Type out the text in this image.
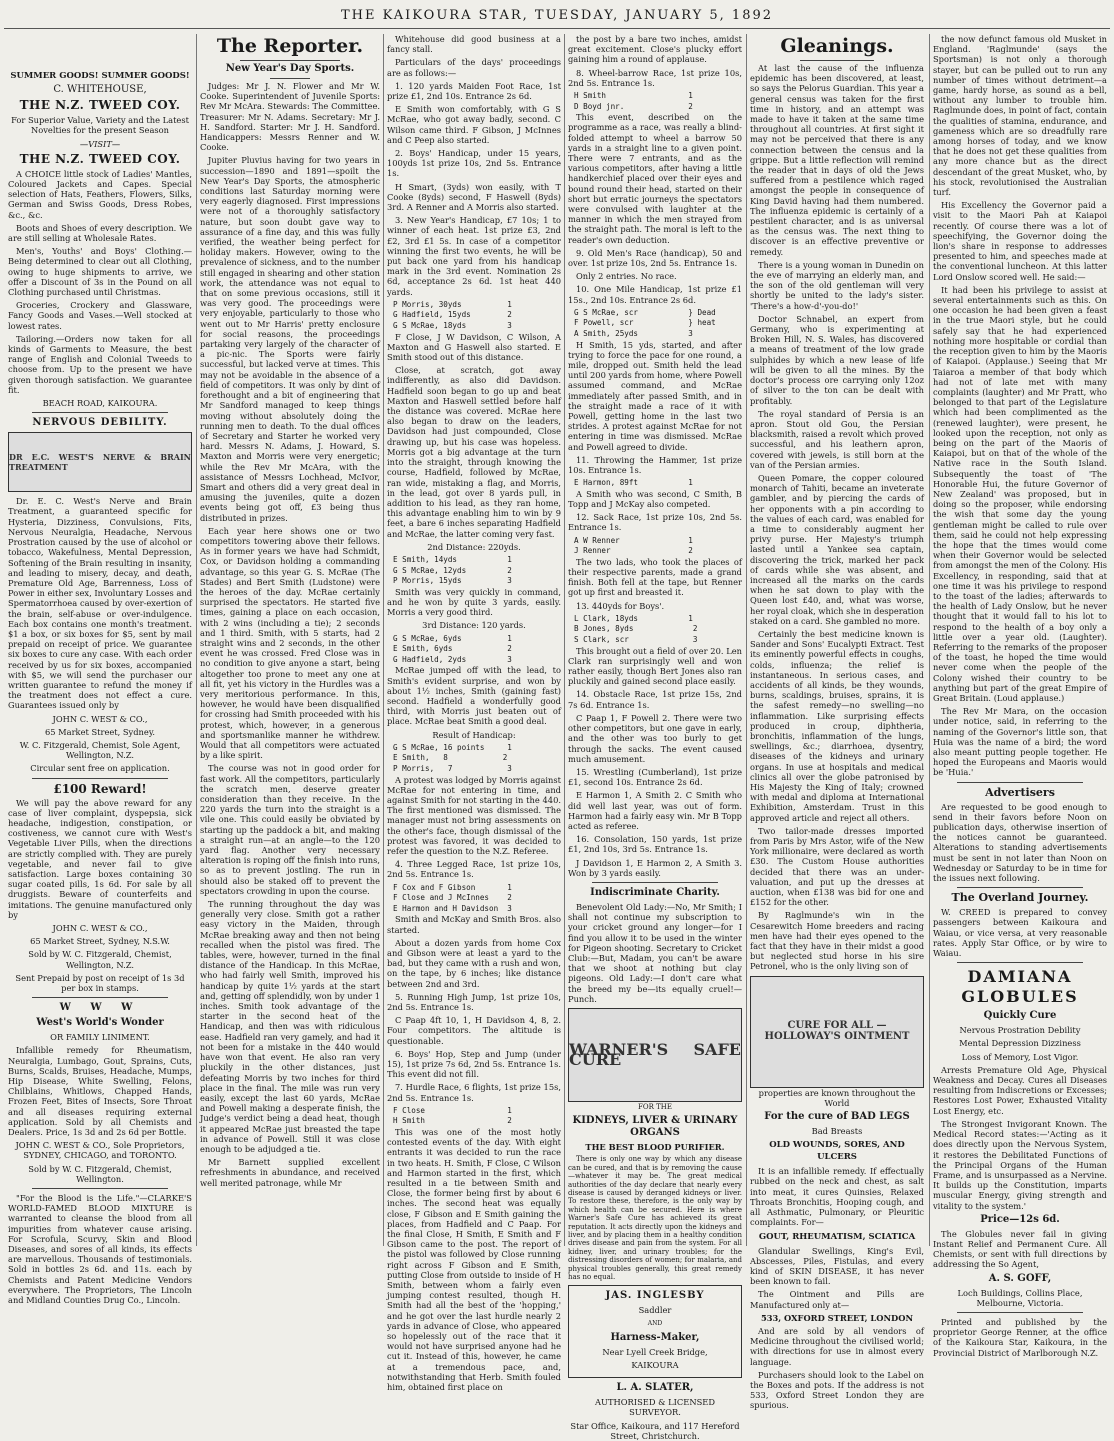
THE KAIKOURA STAR, TUESDAY, JANUARY 5, 1892

SUMMER GOODS! SUMMER GOODS!

C. WHITEHOUSE,

THE N.Z. TWEED COY.

For Superior Value, Variety and the Latest Novelties for the present Season

—VISIT—

THE N.Z. TWEED COY.

A CHOICE little stock of Ladies' Mantles, Coloured Jackets and Capes. Special selection of Hats, Feathers, Flowers, Silks, German and Swiss Goods, Dress Robes, &c., &c.

Boots and Shoes of every description. We are still selling at Wholesale Rates.

Men's, Youths' and Boys' Clothing.—Being determined to clear out all Clothing, owing to huge shipments to arrive, we offer a Discount of 3s in the Pound on all Clothing purchased until Christmas.

Groceries, Crockery and Glassware, Fancy Goods and Vases.—Well stocked at lowest rates.

Tailoring.—Orders now taken for all kinds of Garments to Measure, the best range of English and Colonial Tweeds to choose from. Up to the present we have given thorough satisfaction. We guarantee fit.

BEACH ROAD, KAIKOURA.

NERVOUS DEBILITY.

DR E.C. WEST'S NERVE & BRAIN TREATMENT

Dr. E. C. West's Nerve and Brain Treatment, a guaranteed specific for Hysteria, Dizziness, Convulsions, Fits, Nervous Neuralgia, Headache, Nervous Prostration caused by the use of alcohol or tobacco, Wakefulness, Mental Depression, Softening of the Brain resulting in insanity, and leading to misery, decay, and death, Premature Old Age, Barrenness, Loss of Power in either sex, Involuntary Losses and Spermatorrhoea caused by over-exertion of the brain, self-abuse or over-indulgence. Each box contains one month's treatment. $1 a box, or six boxes for $5, sent by mail prepaid on receipt of price. We guarantee six boxes to cure any case. With each order received by us for six boxes, accompanied with $5, we will send the purchaser our written guarantee to refund the money if the treatment does not effect a cure. Guarantees issued only by

JOHN C. WEST & CO.,

65 Market Street, Sydney.

W. C. Fitzgerald, Chemist, Sole Agent, Wellington, N.Z.

Circular sent free on application.

£100 Reward!

We will pay the above reward for any case of liver complaint, dyspepsia, sick headache, indigestion, constipation, or costiveness, we cannot cure with West's Vegetable Liver Pills, when the directions are strictly complied with. They are purely vegetable, and never fail to give satisfaction. Large boxes containing 30 sugar coated pills, 1s 6d. For sale by all druggists. Beware of counterfeits and imitations. The genuine manufactured only by

JOHN C. WEST & CO.,

65 Market Street, Sydney, N.S.W.

Sold by W. C. Fitzgerald, Chemist, Wellington, N.Z.

Sent Prepaid by post on receipt of 1s 3d per box in stamps.

W W W

West's World's Wonder

OR FAMILY LINIMENT.

Infallible remedy for Rheumatism, Neuralgia, Lumbago, Gout, Sprains, Cuts, Burns, Scalds, Bruises, Headache, Mumps, Hip Disease, White Swelling, Felons, Chilblains, Whitlows, Chapped Hands, Frozen Feet, Bites of Insects, Sore Throat and all diseases requiring external application. Sold by all Chemists and Dealers. Price, 1s 3d and 2s 6d per Bottle.

JOHN C. WEST & CO., Sole Proprietors, SYDNEY, CHICAGO, and TORONTO.

Sold by W. C. Fitzgerald, Chemist, Wellington.

"For the Blood is the Life."—CLARKE'S WORLD-FAMED BLOOD MIXTURE is warranted to cleanse the blood from all impurities from whatever cause arising. For Scrofula, Scurvy, Skin and Blood Diseases, and sores of all kinds, its effects are marvellous. Thousands of testimonials. Sold in bottles 2s 6d. and 11s. each by Chemists and Patent Medicine Vendors everywhere. The Proprietors, The Lincoln and Midland Counties Drug Co., Lincoln.

The Reporter.

New Year's Day Sports.

Judges: Mr J. N. Flower and Mr W. Cooke. Superintendent of Juvenile Sports: Rev Mr McAra. Stewards: The Committee. Treasurer: Mr N. Adams. Secretary: Mr J. H. Sandford. Starter: Mr J. H. Sandford. Handicappers: Messrs Renner and W. Cooke.

Jupiter Pluvius having for two years in succession—1890 and 1891—spoilt the New Year's Day Sports, the atmospheric conditions last Saturday morning were very eagerly diagnosed. First impressions were not of a thoroughly satisfactory nature, but soon doubt gave way to assurance of a fine day, and this was fully verified, the weather being perfect for holiday makers. However, owing to the prevalence of sickness, and to the number still engaged in shearing and other station work, the attendance was not equal to that on some previous occasions, still it was very good. The proceedings were very enjoyable, particularly to those who went out to Mr Harris' pretty enclosure for social reasons, the proceedings partaking very largely of the character of a pic-nic. The Sports were fairly successful, but lacked verve at times. This may not be avoidable in the absence of a field of competitors. It was only by dint of forethought and a bit of engineering that Mr Sandford managed to keep things moving without absolutely doing the running men to death. To the dual offices of Secretary and Starter he worked very hard. Messrs N. Adams, J. Howard, S. Maxton and Morris were very energetic; while the Rev Mr McAra, with the assistance of Messrs Lochhead, McIvor, Smart and others did a very great deal in amusing the juveniles, quite a dozen events being got off, £3 being thus distributed in prizes.

Each year here shows one or two competitors towering above their fellows. As in former years we have had Schmidt, Cox, or Davidson holding a commanding advantage, so this year G. S. McRae (The Stades) and Bert Smith (Ludstone) were the heroes of the day. McRae certainly surprised the spectators. He started five times, gaining a place on each occasion, with 2 wins (including a tie); 2 seconds and 1 third. Smith, with 5 starts, had 2 straight wins and 2 seconds, in the other event he was crossed. Fred Close was in no condition to give anyone a start, being altogether too prone to meet any one at all fit, yet his victory in the Hurdles was a very meritorious performance. In this, however, he would have been disqualified for crossing had Smith proceeded with his protest, which, however, in a generous and sportsmanlike manner he withdrew. Would that all competitors were actuated by a like spirit.

The course was not in good order for fast work. All the competitors, particularly the scratch men, deserve greater consideration than they receive. In the 220 yards the turn into the straight is a vile one. This could easily be obviated by starting up the paddock a bit, and making a straight run—at an angle—to the 120 yard flag. Another very necessary alteration is roping off the finish into runs, so as to prevent jostling. The run in should also be staked off to prevent the spectators crowding in upon the course.

The running throughout the day was generally very close. Smith got a rather easy victory in the Maiden, through McRae breaking away and then not being recalled when the pistol was fired. The tables, were, however, turned in the final distance of the Handicap. In this McRae, who had fairly well Smith, improved his handicap by quite 1½ yards at the start and, getting off splendidly, won by under 1 inches. Smith took advantage of the starter in the second heat of the Handicap, and then was with ridiculous ease. Hadfield ran very gamely, and had it not been for a mistake in the 440 would have won that event. He also ran very pluckily in the other distances, just defeating Morris by two inches for third place in the final. The mile was run very easily, except the last 60 yards, McRae and Powell making a desperate finish, the Judge's verdict being a dead heat, though it appeared McRae just breasted the tape in advance of Powell. Still it was close enough to be adjudged a tie.

Mr Barnett supplied excellent refreshments in abundance, and received well merited patronage, while Mr

Whitehouse did good business at a fancy stall.

Particulars of the days' proceedings are as follows:—

1. 120 yards Maiden Foot Race, 1st prize £1, 2nd 10s. Entrance 2s 6d.

E Smith won comfortably, with G S McRae, who got away badly, second. C Wilson came third. F Gibson, J McInnes and C Peep also started.

2. Boys' Handicap, under 15 years, 100yds 1st prize 10s, 2nd 5s. Entrance 1s.

H Smart, (3yds) won easily, with T Cooke (8yds) second, F Haswell (8yds) 3rd. A Renner and A Morris also started.

3. New Year's Handicap, £7 10s; 1 to winner of each heat. 1st prize £3, 2nd £2, 3rd £1 5s. In case of a competitor winning the first two events, he will be put back one yard from his handicap mark in the 3rd event. Nomination 2s 6d, acceptance 2s 6d. 1st heat 440 yards.

P Morris, 30yds          1

G Hadfield, 15yds        2

G S McRae, 18yds         3

F Close, J W Davidson, C Wilson, A Maxton and G Haswell also started. E Smith stood out of this distance.

Close, at scratch, got away indifferently, as also did Davidson. Hadfield soon began to go up and beat Maxton and Haswell settled before half the distance was covered. McRae here also began to draw on the leaders, Davidson had just compounded, Close drawing up, but his case was hopeless. Morris got a big advantage at the turn into the straight, through knowing the course, Hadfield, followed by McRae, ran wide, mistaking a flag, and Morris, in the lead, got over 8 yards pull, in addition to his lead, as they ran home, this advantage enabling him to win by 9 feet, a bare 6 inches separating Hadfield and McRae, the latter coming very fast.

2nd Distance: 220yds.

E Smith, 14yds           1

G S McRae, 12yds         2

P Morris, 15yds          3

Smith was very quickly in command, and he won by quite 3 yards, easily. Morris a very good third.

3rd Distance: 120 yards.

G S McRae, 6yds          1

E Smith, 6yds            2

G Hadfield, 2yds         3

McRae jumped off with the lead, to Smith's evident surprise, and won by about 1½ inches, Smith (gaining fast) second. Hadfield a wonderfully good third, with Morris just beaten out of place. McRae beat Smith a good deal.

Result of Handicap:

G S McRae, 16 points     1

E Smith,   8            2

P Morris,   7            3

A protest was lodged by Morris against McRae for not entering in time, and against Smith for not starting in the 440. The first mentioned was dismissed. The manager must not bring assessments on the other's face, though dismissal of the protest was favored, it was decided to refer the question to the N.Z. Referee.

4. Three Legged Race, 1st prize 10s, 2nd 5s. Entrance 1s.

F Cox and F Gibson       1

F Close and J McInnes    2

E Harmon and H Davidson  3

Smith and McKay and Smith Bros. also started.

About a dozen yards from home Cox and Gibson were at least a yard to the bad, but they came with a rush and won, on the tape, by 6 inches; like distance between 2nd and 3rd.

5. Running High Jump, 1st prize 10s, 2nd 5s. Entrance 1s.

C Paap 4ft 10, 1, H Davidson 4, 8, 2. Four competitors. The altitude is questionable.

6. Boys' Hop, Step and Jump (under 15), 1st prize 7s 6d, 2nd 5s. Entrance 1s. This event did not fill.

7. Hurdle Race, 6 flights, 1st prize 15s, 2nd 5s. Entrance 1s.

F Close                  1

H Smith                  2

This was one of the most hotly contested events of the day. With eight entrants it was decided to run the race in two heats. H. Smith, F Close, C Wilson and Harmon started in the first, which resulted in a tie between Smith and Close, the former being first by about 6 inches. The second heat was equally close, F Gibson and E Smith gaining the places, from Hadfield and C Paap. For the final Close, H Smith, E Smith and F Gibson came to the post. The report of the pistol was followed by Close running right across F Gibson and E Smith, putting Close from outside to inside of H Smith, between whom a fairly even jumping contest resulted, though H. Smith had all the best of the 'hopping,' and he got over the last hurdle nearly 2 yards in advance of Close, who appeared so hopelessly out of the race that it would not have surprised anyone had he cut it. Instead of this, however, he came at a tremendous pace, and, notwithstanding that Herb. Smith fouled him, obtained first place on

the post by a bare two inches, amidst great excitement. Close's plucky effort gaining him a round of applause.

8. Wheel-barrow Race, 1st prize 10s, 2nd 5s. Entrance 1s.

H Smith                  1

D Boyd jnr.              2

This event, described on the programme as a race, was really a blind-folded attempt to wheel a barrow 50 yards in a straight line to a given point. There were 7 entrants, and as the various competitors, after having a little handkerchief placed over their eyes and bound round their head, started on their short but erratic journeys the spectators were convulsed with laughter at the manner in which the men strayed from the straight path. The moral is left to the reader's own deduction.

9. Old Men's Race (handicap), 50 and over. 1st prize 10s, 2nd 5s. Entrance 1s.

Only 2 entries. No race.

10. One Mile Handicap, 1st prize £1 15s., 2nd 10s. Entrance 2s 6d.

G S McRae, scr           } Dead

F Powell, scr            } heat

A Smith, 25yds           3

H Smith, 15 yds, started, and after trying to force the pace for one round, a mile, dropped out. Smith held the lead until 200 yards from home, where Powell assumed command, and McRae immediately after passed Smith, and in the straight made a race of it with Powell, getting home in the last two strides. A protest against McRae for not entering in time was dismissed. McRae and Powell agreed to divide.

11. Throwing the Hammer, 1st prize 10s. Entrance 1s.

E Harmon, 89ft           1

A Smith who was second, C Smith, B Topp and J McKay also competed.

12. Sack Race, 1st prize 10s, 2nd 5s. Entrance 1s.

A W Renner               1

J Renner                 2

The two lads, who took the places of their respective parents, made a grand finish. Both fell at the tape, but Renner got up first and breasted it.

13. 440yds for Boys'.

L Clark, 18yds           1

B Jones, 8yds             2

S Clark, scr              3

This brought out a field of over 20. Len Clark ran surprisingly well and won rather easily, though Bert Jones also ran pluckily and gained second place easily.

14. Obstacle Race, 1st prize 15s, 2nd 7s 6d. Entrance 1s.

C Paap 1, F Powell 2. There were two other competitors, but one gave in early, and the other was too burly to get through the sacks. The event caused much amusement.

15. Wrestling (Cumberland), 1st prize £1, second 10s. Entrance 2s 6d.

E Harmon 1, A Smith 2. C Smith who did well last year, was out of form. Harmon had a fairly easy win. Mr B Topp acted as referee.

16. Consolation, 150 yards, 1st prize £1, 2nd 10s, 3rd 5s. Entrance 1s.

J Davidson 1, E Harmon 2, A Smith 3. Won by 3 yards easily.

Indiscriminate Charity.

Benevolent Old Lady:—No, Mr Smith; I shall not continue my subscription to your cricket ground any longer—for I find you allow it to be used in the winter for Pigeon shooting. Secretary to Cricket Club:—But, Madam, you can't be aware that we shoot at nothing but clay pigeons. Old Lady:—I don't care what the breed my be—its equally cruel!—Punch.

WARNER'S SAFE CURE

FOR THE

KIDNEYS, LIVER & URINARY ORGANS

THE BEST BLOOD PURIFIER.

There is only one way by which any disease can be cured, and that is by removing the cause—whatever it may be. The great medical authorities of the day declare that nearly every disease is caused by deranged kidneys or liver. To restore these, therefore, is the only way by which health can be secured. Here is where Warner's Safe Cure has achieved its great reputation. It acts directly upon the kidneys and liver, and by placing them in a healthy condition drives disease and pain from the system. For all kidney, liver, and urinary troubles; for the distressing disorders of women; for malaria, and physical troubles generally, this great remedy has no equal.

JAS. INGLESBY

Saddler

AND

Harness-Maker,

Near Lyell Creek Bridge,

KAIKOURA

L. A. SLATER,

AUTHORISED & LICENSED SURVEYOR.

Star Office, Kaikoura, and 117 Hereford Street, Christchurch.

Gleanings.

At last the cause of the influenza epidemic has been discovered, at least, so says the Pelorus Guardian. This year a general census was taken for the first time in history, and an attempt was made to have it taken at the same time throughout all countries. At first sight it may not be perceived that there is any connection between the census and la grippe. But a little reflection will remind the reader that in days of old the Jews suffered from a pestilence which raged amongst the people in consequence of King David having had them numbered. The influenza epidemic is certainly of a pestilent character, and is as universal as the census was. The next thing to discover is an effective preventive or remedy.

There is a young woman in Dunedin on the eve of marrying an elderly man, and the son of the old gentleman will very shortly be united to the lady's sister. 'There's a how-d'-you-do!'

Doctor Schnabel, an expert from Germany, who is experimenting at Broken Hill, N. S. Wales, has discovered a means of treatment of the low grade sulphides by which a new lease of life will be given to all the mines. By the doctor's process ore carrying only 12oz of silver to the ton can be dealt with profitably.

The royal standard of Persia is an apron. Stout old Gou, the Persian blacksmith, raised a revolt which proved successful, and his leathern apron, covered with jewels, is still born at the van of the Persian armies.

Queen Pomare, the copper coloured monarch of Tahiti, became an inveterate gambler, and by piercing the cards of her opponents with a pin according to the values of each card, was enabled for a time to considerably augment her privy purse. Her Majesty's triumph lasted until a Yankee sea captain, discovering the trick, marked her pack of cards while she was absent, and increased all the marks on the cards when he sat down to play with the Queen lost £40, and, what was worse, her royal cloak, which she in desperation staked on a card. She gambled no more.

Certainly the best medicine known is Sander and Sons' Eucalypti Extract. Test its eminently powerful effects in coughs, colds, influenza; the relief is instantaneous. In serious cases, and accidents of all kinds, be they wounds, burns, scaldings, bruises, sprains, it is the safest remedy—no swelling—no inflammation. Like surprising effects produced in croup, diphtheria, bronchitis, inflammation of the lungs, swellings, &c.; diarrhoea, dysentry, diseases of the kidneys and urinary organs. In use at hospitals and medical clinics all over the globe patronised by His Majesty the King of Italy; crowned with medal and diploma at International Exhibition, Amsterdam. Trust in this approved article and reject all others.

Two tailor-made dresses imported from Paris by Mrs Astor, wife of the New York millionaire, were declared as worth £30. The Custom House authorities decided that there was an under-valuation, and put up the dresses at auction, when £138 was bid for one and £152 for the other.

By Raglmunde's win in the Cesarewitch Home breeders and racing men have had their eyes opened to the fact that they have in their midst a good but neglected stud horse in his sire Petronel, who is the only living son of

CURE FOR ALL — HOLLOWAY'S OINTMENT

properties are known throughout the World

For the cure of BAD LEGS

Bad Breasts

OLD WOUNDS, SORES, AND ULCERS

It is an infallible remedy. If effectually rubbed on the neck and chest, as salt into meat, it cures Quinsies, Relaxed Throats Bronchitis, Hooping cough, and all Asthmatic, Pulmonary, or Pleuritic complaints. For—

GOUT, RHEUMATISM, SCIATICA

Glandular Swellings, King's Evil, Abscesses, Piles, Fistulas, and every kind of SKIN DISEASE, it has never been known to fail.

The Ointment and Pills are Manufactured only at—

533, OXFORD STREET, LONDON

And are sold by all vendors of Medicine throughout the civilised world; with directions for use in almost every language.

Purchasers should look to the Label on the Boxes and pots. If the address is not 533, Oxford Street London they are spurious.

the now defunct famous old Musket in England. 'Raglmunde' (says the Sportsman) is not only a thorough stayer, but can be pulled out to run any number of times without detriment—a game, hardy horse, as sound as a bell, without any lumber to trouble him. Raglmunde does, in point of fact, contain the qualities of stamina, endurance, and gameness which are so dreadfully rare among horses of today, and we know that he does not get these qualities from any more chance but as the direct descendant of the great Musket, who, by his stock, revolutionised the Australian turf.

His Excellency the Governor paid a visit to the Maori Pah at Kaiapoi recently. Of course there was a lot of speechifying, the Governor doing the lion's share in response to addresses presented to him, and speeches made at the conventional luncheon. At this latter Lord Onslow scored well. He said:—

It had been his privilege to assist at several entertainments such as this. On one occasion he had been given a feast in the true Maori style, but he could safely say that he had experienced nothing more hospitable or cordial than the reception given to him by the Maoris of Kaiapoi. (Applause.) Seeing that Mr Taiaroa a member of that body which had not of late met with many complaints (laughter) and Mr Pratt, who belonged to that part of the Legislature which had been complimented as the (renewed laughter), were present, he looked upon the reception, not only as being on the part of the Maoris of Kaiapoi, but on that of the whole of the Native race in the South Island. Subsequently the toast of 'The Honorable Hui, the future Governor of New Zealand' was proposed, but in doing so the proposer, while endorsing the wish that some day the young gentleman might be called to rule over them, said he could not help expressing the hope that the times would come when their Governor would be selected from amongst the men of the Colony. His Excellency, in responding, said that at one time it was his privilege to respond to the toast of the ladies; afterwards to the health of Lady Onslow, but he never thought that it would fall to his lot to respond to the health of a boy only a little over a year old. (Laughter). Referring to the remarks of the proposer of the toast, he hoped the time would never come when the people of the Colony wished their country to be anything but part of the great Empire of Great Britain. (Loud applause.)

The Rev Mr Mara, on the occasion under notice, said, in referring to the naming of the Governor's little son, that Huia was the name of a bird; the word also meant putting people together. He hoped the Europeans and Maoris would be 'Huia.'

Advertisers

Are requested to be good enough to send in their favors before Noon on publication days, otherwise insertion of the notices cannot be guaranteed. Alterations to standing advertisements must be sent in not later than Noon on Wednesday or Saturday to be in time for the issues next following.

The Overland Journey.

W. CREED is prepared to convey passengers between Kaikoura and Waiau, or vice versa, at very reasonable rates. Apply Star Office, or by wire to Waiau.

DAMIANA GLOBULES

Quickly Cure

Nervous Prostration Debility

Mental Depression Dizziness

Loss of Memory, Lost Vigor.

Arrests Premature Old Age, Physical Weakness and Decay. Cures all Diseases resulting from Indiscretions or Excesses; Restores Lost Power, Exhausted Vitality Lost Energy, etc.

The Strongest Invigorant Known. The Medical Record states:—'Acting as it does directly upon the Nervous System, it restores the Debilitated Functions of the Principal Organs of the Human Frame, and is unsurpassed as a Nervine. It builds up the Constitution, imparts muscular Energy, giving strength and vitality to the system.'

Price—12s 6d.

The Globules never fail in giving Instant Relief and Permanent Cure. All Chemists, or sent with full directions by addressing the So Agent,

A. S. GOFF,

Loch Buildings, Collins Place, Melbourne, Victoria.

Printed and published by the proprietor George Renner, at the office of the Kaikoura Star, Kaikoura, in the Provincial District of Marlborough N.Z.
